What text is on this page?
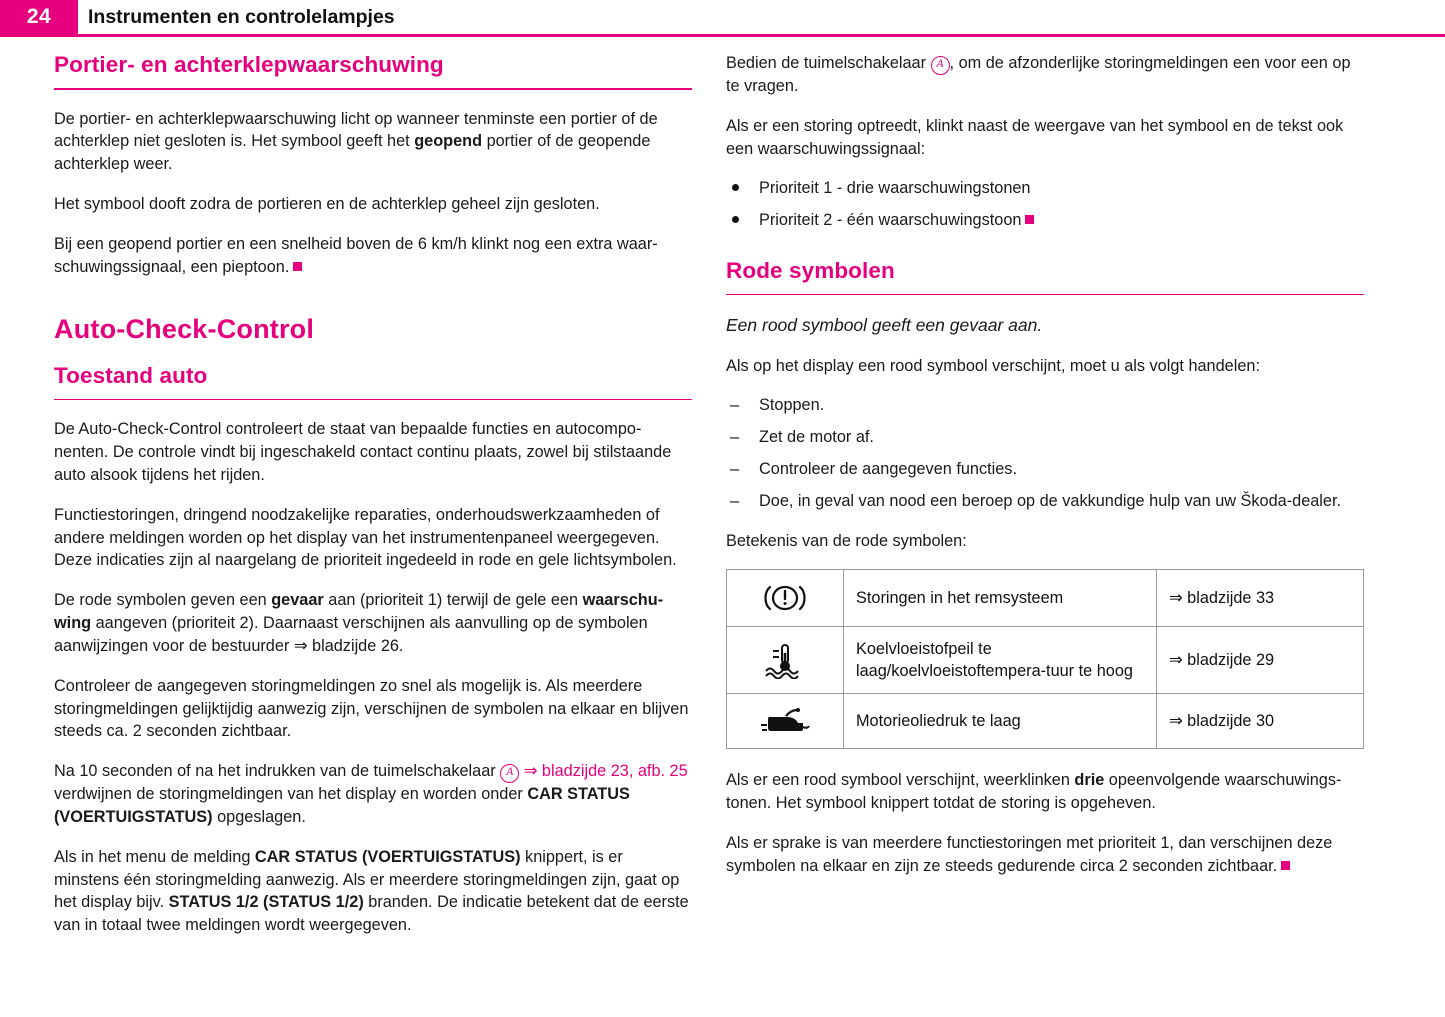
24	Instrumenten en controlelampjes
Portier- en achterklepwaarschuwing

De portier- en achterklepwaarschuwing licht op wanneer tenminste een portier of de achterklep niet gesloten is. Het symbool geeft het geopend portier of de geopende achterklep weer.

Het symbool dooft zodra de portieren en de achterklep geheel zijn gesloten.

Bij een geopend portier en een snelheid boven de 6 km/h klinkt nog een extra waar-schuwingssignaal, een pieptoon.

Auto-Check-Control
Toestand auto

De Auto-Check-Control controleert de staat van bepaalde functies en autocompo-nenten. De controle vindt bij ingeschakeld contact continu plaats, zowel bij stilstaande auto alsook tijdens het rijden.

Functiestoringen, dringend noodzakelijke reparaties, onderhoudswerkzaamheden of andere meldingen worden op het display van het instrumentenpaneel weergegeven. Deze indicaties zijn al naargelang de prioriteit ingedeeld in rode en gele lichtsymbolen.

De rode symbolen geven een gevaar aan (prioriteit 1) terwijl de gele een waarschu-wing aangeven (prioriteit 2). Daarnaast verschijnen als aanvulling op de symbolen aanwijzingen voor de bestuurder ⇒ bladzijde 26.

Controleer de aangegeven storingmeldingen zo snel als mogelijk is. Als meerdere storingmeldingen gelijktijdig aanwezig zijn, verschijnen de symbolen na elkaar en blijven steeds ca. 2 seconden zichtbaar.

Na 10 seconden of na het indrukken van de tuimelschakelaar A ⇒ bladzijde 23, afb. 25 verdwijnen de storingmeldingen van het display en worden onder CAR STATUS (VOERTUIGSTATUS) opgeslagen.

Als in het menu de melding CAR STATUS (VOERTUIGSTATUS) knippert, is er minstens één storingmelding aanwezig. Als er meerdere storingmeldingen zijn, gaat op het display bijv. STATUS 1/2 (STATUS 1/2) branden. De indicatie betekent dat de eerste van in totaal twee meldingen wordt weergegeven.

Bedien de tuimelschakelaar A , om de afzonderlijke storingmeldingen een voor een op te vragen.

Als er een storing optreedt, klinkt naast de weergave van het symbool en de tekst ook een waarschuwingssignaal:

Prioriteit 1 - drie waarschuwingstonen
Prioriteit 2 - één waarschuwingstoon
Rode symbolen

Een rood symbool geeft een gevaar aan.

Als op het display een rood symbool verschijnt, moet u als volgt handelen:

– Stoppen.
– Zet de motor af.
– Controleer de aangegeven functies.
– Doe, in geval van nood een beroep op de vakkundige hulp van uw Škoda-dealer.

Betekenis van de rode symbolen:

	Storingen in het remsysteem	⇒ bladzijde 33

	Koelvloeistofpeil te laag/koelvloeistoftempera-tuur te hoog	⇒ bladzijde 29

	Motorieoliedruk te laag	⇒ bladzijde 30

Als er een rood symbool verschijnt, weerklinken drie opeenvolgende waarschuwings-tonen. Het symbool knippert totdat de storing is opgeheven.

Als er sprake is van meerdere functiestoringen met prioriteit 1, dan verschijnen deze symbolen na elkaar en zijn ze steeds gedurende circa 2 seconden zichtbaar.
